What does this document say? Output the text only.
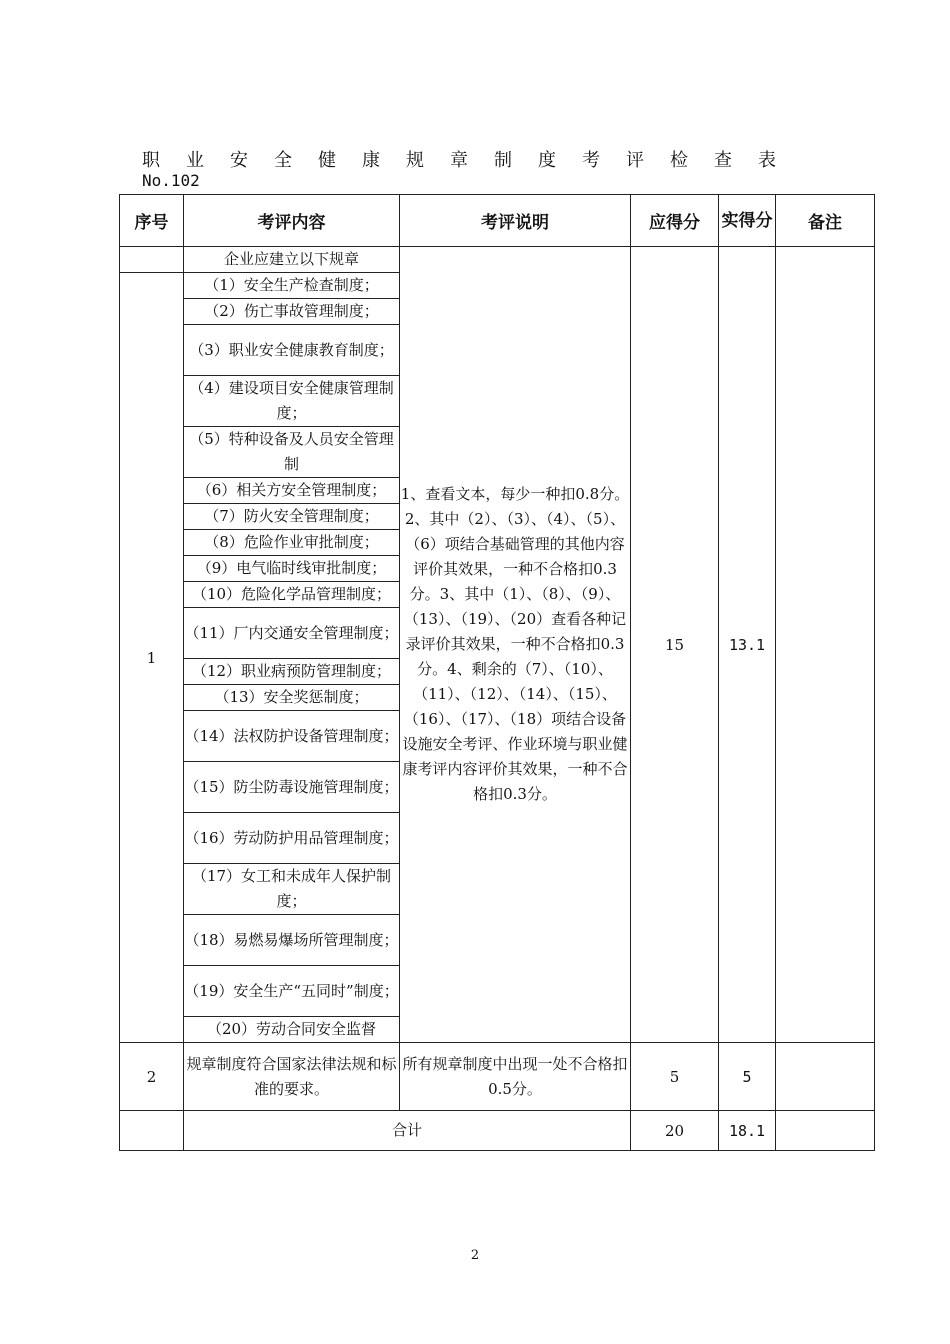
职业安全健康规章制度考评检查表
No.102
序号	考评内容	考评说明	应得分	实得分	备注
	企业应建立以下规章	1、查看文本，每少一种扣0.8分。 2、其中（2）、（3）、（4）、（5）、（6）项结合基础管理的其他内容评价其效果，一种不合格扣0.3分。3、其中（1）、（8）、（9）、（13）、（19）、（20）查看各种记录评价其效果，一种不合格扣0.3分。4、剩余的（7）、（10）、（11）、（12）、（14）、（15）、（16）、（17）、（18）项结合设备设施安全考评、作业环境与职业健康考评内容评价其效果，一种不合格扣0.3分。	15	13.1	
1	（1）安全生产检查制度；				
	（2）伤亡事故管理制度；				
	（3）职业安全健康教育制度；				
	（4）建设项目安全健康管理制度；				
	（5）特种设备及人员安全管理制				
	（6）相关方安全管理制度；				
	（7）防火安全管理制度；				
	（8）危险作业审批制度；				
	（9）电气临时线审批制度；				
	（10）危险化学品管理制度；				
	（11）厂内交通安全管理制度；				
	（12）职业病预防管理制度；				
	（13）安全奖惩制度；				
	（14）法权防护设备管理制度；				
	（15）防尘防毒设施管理制度；				
	（16）劳动防护用品管理制度；				
	（17）女工和未成年人保护制度；				
	（18）易燃易爆场所管理制度；				
	（19）安全生产“五同时”制度；				
	（20）劳动合同安全监督				
2	规章制度符合国家法律法规和标准的要求。	所有规章制度中出现一处不合格扣0.5分。	5	5	
	合计		20	18.1	
2
